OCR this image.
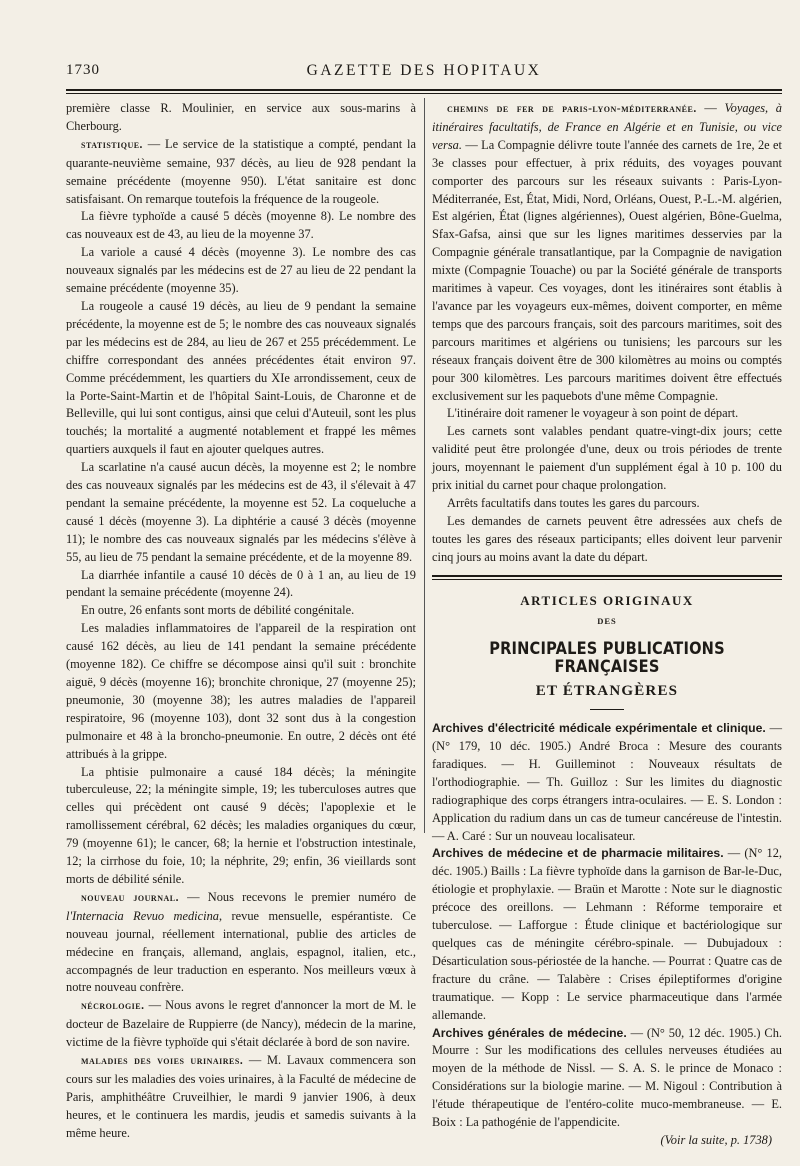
1730	GAZETTE DES HOPITAUX

première classe R. Moulinier, en service aux sous-marins à Cherbourg.

statistique. — Le service de la statistique a compté, pendant la quarante-neuvième semaine, 937 décès, au lieu de 928 pendant la semaine précédente (moyenne 950). L'état sanitaire est donc satisfaisant. On remarque toutefois la fréquence de la rougeole.

La fièvre typhoïde a causé 5 décès (moyenne 8). Le nombre des cas nouveaux est de 43, au lieu de la moyenne 37.

La variole a causé 4 décès (moyenne 3). Le nombre des cas nouveaux signalés par les médecins est de 27 au lieu de 22 pendant la semaine précédente (moyenne 35).

La rougeole a causé 19 décès, au lieu de 9 pendant la semaine précédente, la moyenne est de 5; le nombre des cas nouveaux signalés par les médecins est de 284, au lieu de 267 et 255 précédemment. Le chiffre correspondant des années précédentes était environ 97. Comme précédemment, les quartiers du XIe arrondissement, ceux de la Porte-Saint-Martin et de l'hôpital Saint-Louis, de Charonne et de Belleville, qui lui sont contigus, ainsi que celui d'Auteuil, sont les plus touchés; la mortalité a augmenté notablement et frappé les mêmes quartiers auxquels il faut en ajouter quelques autres.

La scarlatine n'a causé aucun décès, la moyenne est 2; le nombre des cas nouveaux signalés par les médecins est de 43, il s'élevait à 47 pendant la semaine précédente, la moyenne est 52. La coqueluche a causé 1 décès (moyenne 3). La diphtérie a causé 3 décès (moyenne 11); le nombre des cas nouveaux signalés par les médecins s'élève à 55, au lieu de 75 pendant la semaine précédente, et de la moyenne 89.

La diarrhée infantile a causé 10 décès de 0 à 1 an, au lieu de 19 pendant la semaine précédente (moyenne 24).

En outre, 26 enfants sont morts de débilité congénitale.

Les maladies inflammatoires de l'appareil de la respiration ont causé 162 décès, au lieu de 141 pendant la semaine précédente (moyenne 182). Ce chiffre se décompose ainsi qu'il suit : bronchite aiguë, 9 décès (moyenne 16); bronchite chronique, 27 (moyenne 25); pneumonie, 30 (moyenne 38); les autres maladies de l'appareil respiratoire, 96 (moyenne 103), dont 32 sont dus à la congestion pulmonaire et 48 à la broncho-pneumonie. En outre, 2 décès ont été attribués à la grippe.

La phtisie pulmonaire a causé 184 décès; la méningite tuberculeuse, 22; la méningite simple, 19; les tuberculoses autres que celles qui précèdent ont causé 9 décès; l'apoplexie et le ramollissement cérébral, 62 décès; les maladies organiques du cœur, 79 (moyenne 61); le cancer, 68; la hernie et l'obstruction intestinale, 12; la cirrhose du foie, 10; la néphrite, 29; enfin, 36 vieillards sont morts de débilité sénile.

nouveau journal. — Nous recevons le premier numéro de l'Internacia Revuo medicina, revue mensuelle, espérantiste. Ce nouveau journal, réellement international, publie des articles de médecine en français, allemand, anglais, espagnol, italien, etc., accompagnés de leur traduction en esperanto. Nos meilleurs vœux à notre nouveau confrère.

nécrologie. — Nous avons le regret d'annoncer la mort de M. le docteur de Bazelaire de Ruppierre (de Nancy), médecin de la marine, victime de la fièvre typhoïde qui s'était déclarée à bord de son navire.

maladies des voies urinaires. — M. Lavaux commencera son cours sur les maladies des voies urinaires, à la Faculté de médecine de Paris, amphithéâtre Cruveilhier, le mardi 9 janvier 1906, à deux heures, et le continuera les mardis, jeudis et samedis suivants à la même heure.

chemins de fer de paris-lyon-méditerranée. — Voyages, à itinéraires facultatifs, de France en Algérie et en Tunisie, ou vice versa. — La Compagnie délivre toute l'année des carnets de 1re, 2e et 3e classes pour effectuer, à prix réduits, des voyages pouvant comporter des parcours sur les réseaux suivants : Paris-Lyon-Méditerranée, Est, État, Midi, Nord, Orléans, Ouest, P.-L.-M. algérien, Est algérien, État (lignes algériennes), Ouest algérien, Bône-Guelma, Sfax-Gafsa, ainsi que sur les lignes maritimes desservies par la Compagnie générale transatlantique, par la Compagnie de navigation mixte (Compagnie Touache) ou par la Société générale de transports maritimes à vapeur. Ces voyages, dont les itinéraires sont établis à l'avance par les voyageurs eux-mêmes, doivent comporter, en même temps que des parcours français, soit des parcours maritimes, soit des parcours maritimes et algériens ou tunisiens; les parcours sur les réseaux français doivent être de 300 kilomètres au moins ou comptés pour 300 kilomètres. Les parcours maritimes doivent être effectués exclusivement sur les paquebots d'une même Compagnie.

L'itinéraire doit ramener le voyageur à son point de départ.

Les carnets sont valables pendant quatre-vingt-dix jours; cette validité peut être prolongée d'une, deux ou trois périodes de trente jours, moyennant le paiement d'un supplément égal à 10 p. 100 du prix initial du carnet pour chaque prolongation.

Arrêts facultatifs dans toutes les gares du parcours.

Les demandes de carnets peuvent être adressées aux chefs de toutes les gares des réseaux participants; elles doivent leur parvenir cinq jours au moins avant la date du départ.

ARTICLES ORIGINAUX
DES
PRINCIPALES PUBLICATIONS FRANÇAISES
ET ÉTRANGÈRES

Archives d'électricité médicale expérimentale et clinique. — (N° 179, 10 déc. 1905.) André Broca : Mesure des courants faradiques. — H. Guilleminot : Nouveaux résultats de l'orthodiographie. — Th. Guilloz : Sur les limites du diagnostic radiographique des corps étrangers intra-oculaires. — E. S. London : Application du radium dans un cas de tumeur cancéreuse de l'intestin. — A. Caré : Sur un nouveau localisateur.

Archives de médecine et de pharmacie militaires. — (N° 12, déc. 1905.) Baills : La fièvre typhoïde dans la garnison de Bar-le-Duc, étiologie et prophylaxie. — Braün et Marotte : Note sur le diagnostic précoce des oreillons. — Lehmann : Réforme temporaire et tuberculose. — Lafforgue : Étude clinique et bactériologique sur quelques cas de méningite cérébro-spinale. — Dubujadoux : Désarticulation sous-périostée de la hanche. — Pourrat : Quatre cas de fracture du crâne. — Talabère : Crises épileptiformes d'origine traumatique. — Kopp : Le service pharmaceutique dans l'armée allemande.

Archives générales de médecine. — (N° 50, 12 déc. 1905.) Ch. Mourre : Sur les modifications des cellules nerveuses étudiées au moyen de la méthode de Nissl. — S. A. S. le prince de Monaco : Considérations sur la biologie marine. — M. Nigoul : Contribution à l'étude thérapeutique de l'entéro-colite muco-membraneuse. — E. Boix : La pathogénie de l'appendicite.

(Voir la suite, p. 1738)
